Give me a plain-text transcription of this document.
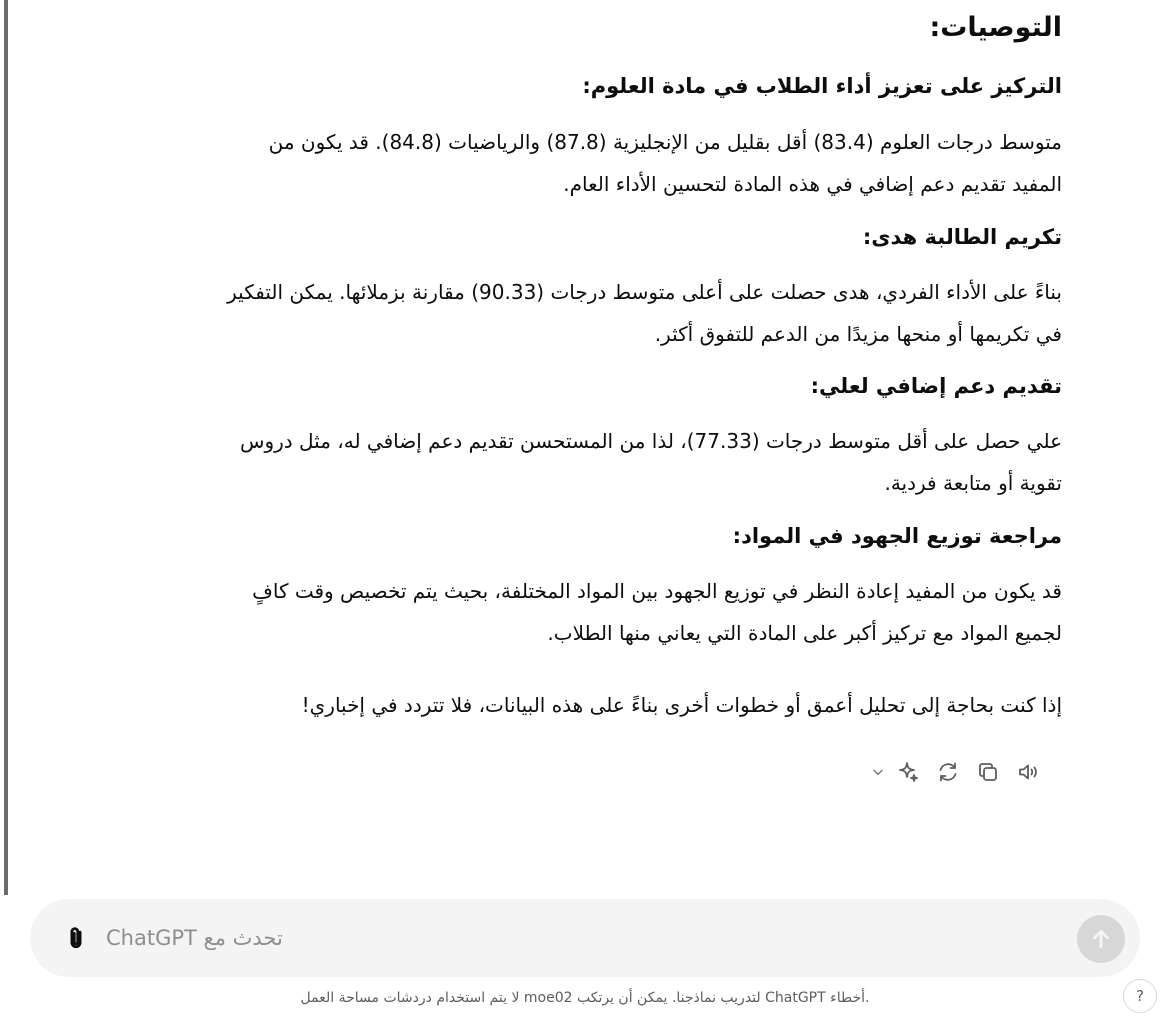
التوصيات:
التركيز على تعزيز أداء الطلاب في مادة العلوم:
متوسط درجات العلوم (83.4) أقل بقليل من الإنجليزية (87.8) والرياضيات (84.8). قد يكون من
المفيد تقديم دعم إضافي في هذه المادة لتحسين الأداء العام.
تكريم الطالبة هدى:
بناءً على الأداء الفردي، هدى حصلت على أعلى متوسط درجات (90.33) مقارنة بزملائها. يمكن التفكير
في تكريمها أو منحها مزيدًا من الدعم للتفوق أكثر.
تقديم دعم إضافي لعلي:
علي حصل على أقل متوسط درجات (77.33)، لذا من المستحسن تقديم دعم إضافي له، مثل دروس
تقوية أو متابعة فردية.
مراجعة توزيع الجهود في المواد:
قد يكون من المفيد إعادة النظر في توزيع الجهود بين المواد المختلفة، بحيث يتم تخصيص وقت كافٍ
لجميع المواد مع تركيز أكبر على المادة التي يعاني منها الطلاب.

إذا كنت بحاجة إلى تحليل أعمق أو خطوات أخرى بناءً على هذه البيانات، فلا تتردد في إخباري!

ChatGPT تحدث مع
.أخطاء ChatGPT لتدريب نماذجنا. يمكن أن يرتكب moe02 لا يتم استخدام دردشات مساحة العمل	?
